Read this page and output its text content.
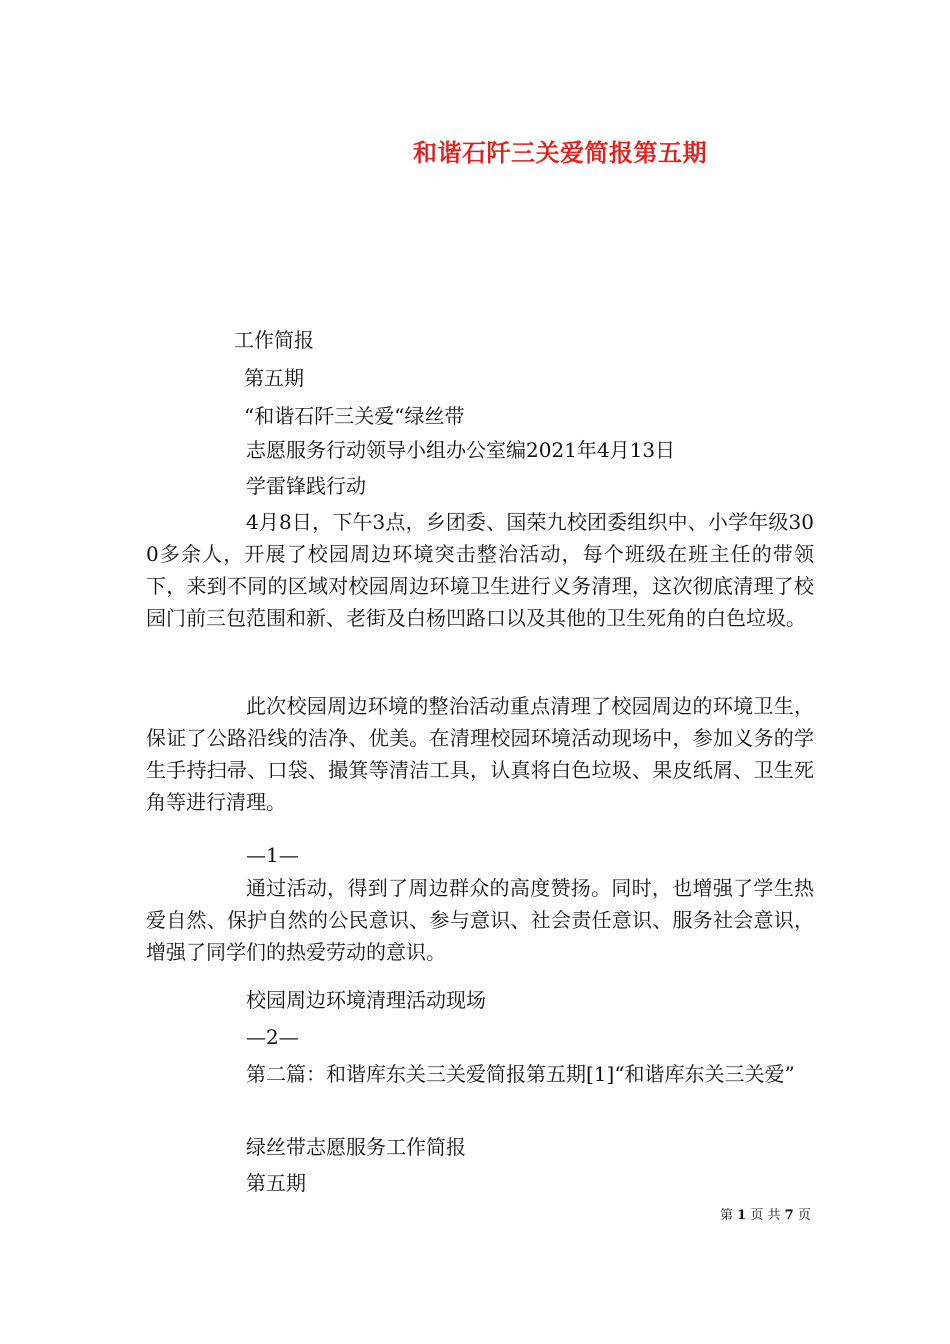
和谐石阡三关爱简报第五期
工作简报
第五期
“和谐石阡三关爱“绿丝带
志愿服务行动领导小组办公室编2021年4月13日
学雷锋践行动
4月8日，下午3点，乡团委、国荣九校团委组织中、小学年级300多余人，开展了校园周边环境突击整治活动，每个班级在班主任的带领下，来到不同的区域对校园周边环境卫生进行义务清理，这次彻底清理了校园门前三包范围和新、老街及白杨凹路口以及其他的卫生死角的白色垃圾。
此次校园周边环境的整治活动重点清理了校园周边的环境卫生，保证了公路沿线的洁净、优美。在清理校园环境活动现场中，参加义务的学生手持扫帚、口袋、撮箕等清洁工具，认真将白色垃圾、果皮纸屑、卫生死角等进行清理。
—1—
通过活动，得到了周边群众的高度赞扬。同时，也增强了学生热爱自然、保护自然的公民意识、参与意识、社会责任意识、服务社会意识，增强了同学们的热爱劳动的意识。
校园周边环境清理活动现场
—2—
第二篇：和谐库东关三关爱简报第五期[1]“和谐库东关三关爱”
绿丝带志愿服务工作简报
第五期
第 1 页 共 7 页
